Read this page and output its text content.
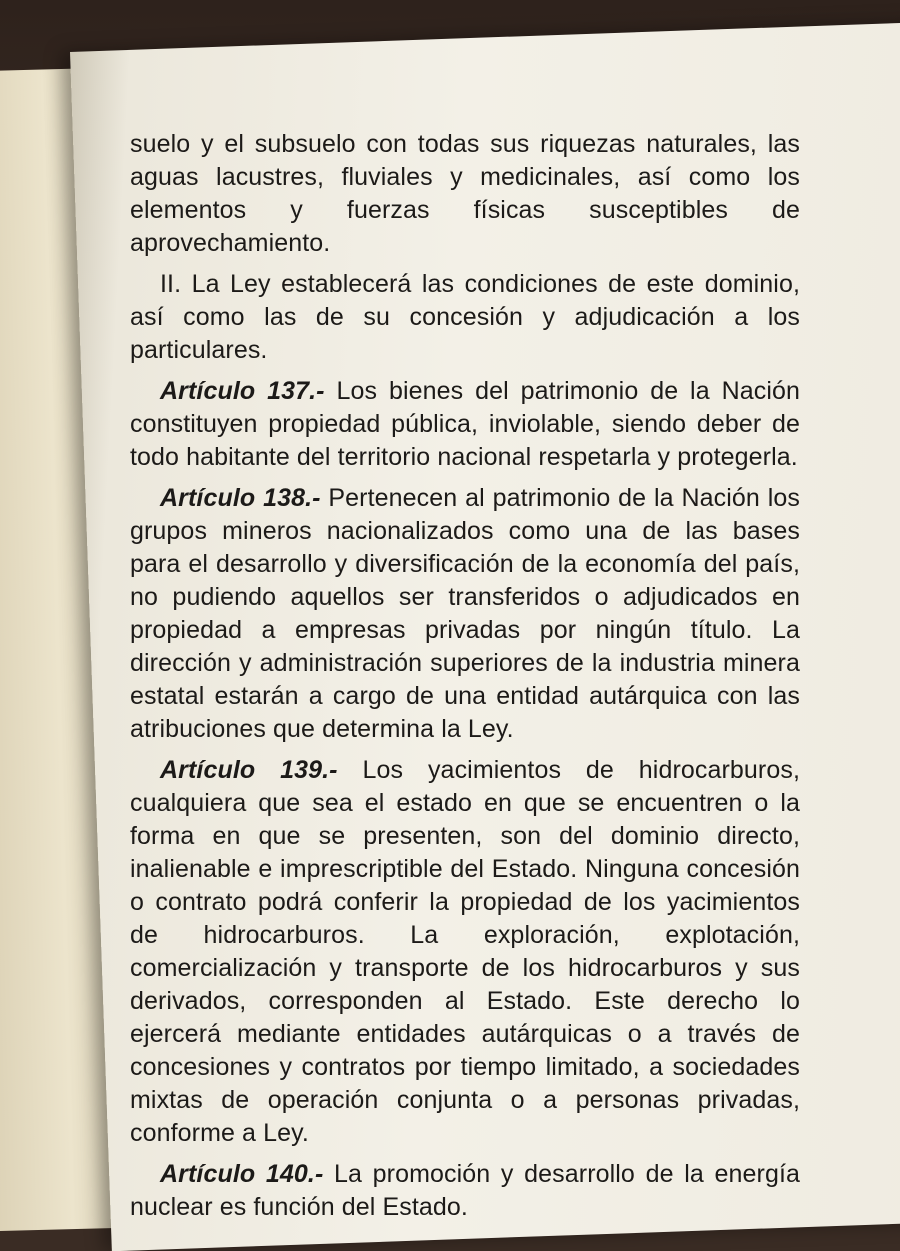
suelo y el subsuelo con todas sus riquezas naturales, las aguas lacustres, fluviales y medicinales, así como los elementos y fuerzas físicas susceptibles de aprovechamiento.

II. La Ley establecerá las condiciones de este dominio, así como las de su concesión y adjudicación a los particulares.

Artículo 137.- Los bienes del patrimonio de la Nación constituyen propiedad pública, inviolable, siendo deber de todo habitante del territorio nacional respetarla y protegerla.

Artículo 138.- Pertenecen al patrimonio de la Nación los grupos mineros nacionalizados como una de las bases para el desarrollo y diversificación de la economía del país, no pudiendo aquellos ser transferidos o adjudicados en propiedad a empresas privadas por ningún título. La dirección y administración superiores de la industria minera estatal estarán a cargo de una entidad autárquica con las atribuciones que determina la Ley.

Artículo 139.- Los yacimientos de hidrocarburos, cualquiera que sea el estado en que se encuentren o la forma en que se presenten, son del dominio directo, inalienable e imprescriptible del Estado. Ninguna concesión o contrato podrá conferir la propiedad de los yacimientos de hidrocarburos. La exploración, explotación, comercialización y transporte de los hidrocarburos y sus derivados, corresponden al Estado. Este derecho lo ejercerá mediante entidades autárquicas o a través de concesiones y contratos por tiempo limitado, a sociedades mixtas de operación conjunta o a personas privadas, conforme a Ley.

Artículo 140.- La promoción y desarrollo de la energía nuclear es función del Estado.
